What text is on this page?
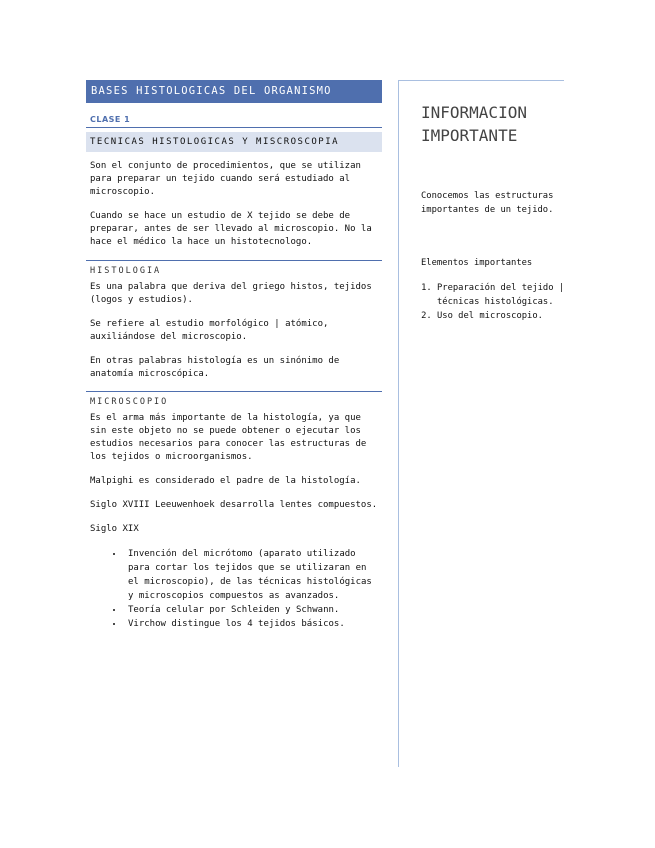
BASES HISTOLOGICAS DEL ORGANISMO
CLASE 1
TECNICAS HISTOLOGICAS Y MISCROSCOPIA

Son el conjunto de procedimientos, que se utilizan para preparar un tejido cuando será estudiado al microscopio.

Cuando se hace un estudio de X tejido se debe de preparar, antes de ser llevado al microscopio. No la hace el médico la hace un histotecnologo.

HISTOLOGIA

Es una palabra que deriva del griego histos, tejidos (logos y estudios).

Se refiere al estudio morfológico | atómico, auxiliándose del microscopio.

En otras palabras histología es un sinónimo de anatomía microscópica.

MICROSCOPIO

Es el arma más importante de la histología, ya que sin este objeto no se puede obtener o ejecutar los estudios necesarios para conocer las estructuras de los tejidos o microorganismos.

Malpighi es considerado el padre de la histología.

Siglo XVIII Leeuwenhoek desarrolla lentes compuestos.

Siglo XIX

• Invención del micrótomo (aparato utilizado para cortar los tejidos que se utilizaran en el microscopio), de las técnicas histológicas y microscopios compuestos as avanzados.
• Teoría celular por Schleiden y Schwann.
• Virchow distingue los 4 tejidos básicos.
INFORMACION
IMPORTANTE
Conocemos las estructuras importantes de un tejido.
Elementos importantes
1. Preparación del tejido | técnicas histológicas.
2. Uso del microscopio.
